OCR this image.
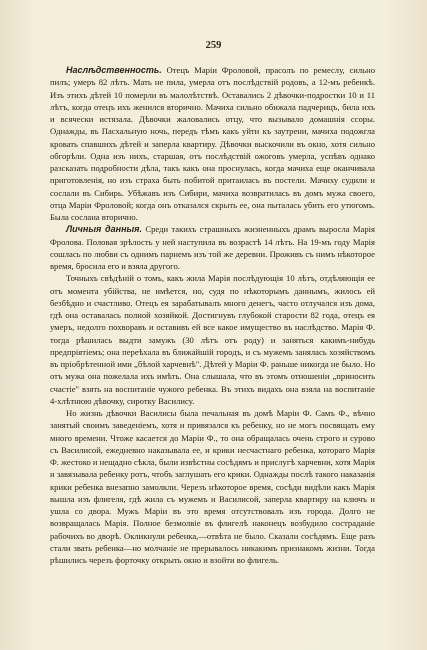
259

Наслѣдственность. Отецъ Маріи Фроловой, прасолъ по ремеслу, сильно пилъ; умеръ 82 лѣтъ. Мать не пила, умерла отъ послѣдствій родовъ, а 12-мъ ребенкѣ. Изъ этихъ дѣтей 10 померли въ малолѣтствѣ. Оставались 2 дѣвочки-подростки 10 и 11 лѣтъ, когда отецъ ихъ женился вторично. Мачиха сильно обижала падчерицъ, била ихъ и всячески истязала. Дѣвочки жаловались отцу, что вызывало домашнія ссоры. Однажды, въ Пасхальную ночь, передъ тѣмъ какъ уйти къ заутрени, мачиха подожгла кровать спавшихъ дѣтей и заперла квартиру. Дѣвочки выскочили въ окно, хотя сильно обгорѣли. Одна изъ нихъ, старшая, отъ послѣдствій ожоговъ умерла, успѣвъ однако разсказать подробности дѣла, такъ какъ она проснулась, когда мачиха еще оканчивала приготовленія, но изъ страха быть побитой притаилась въ постели. Мачиху судили и сослали въ Сибирь. Убѣжавъ изъ Сибири, мачиха возвратилась въ домъ мужа своего, отца Маріи Фроловой; когда онъ отказался скрыть ее, она пыталась убить его утюгомъ. Была сослана вторично.

Личныя данныя. Среди такихъ страшныхъ жизненныхъ драмъ выросла Марія Фролова. Половая зрѣлость у ней наступила въ возрастѣ 14 лѣтъ. На 19-мъ году Марія сошлась по любви съ однимъ парнемъ изъ той же деревни. Проживъ съ нимъ нѣкоторое время, бросила его и взяла другого.

Точныхъ свѣдѣній о томъ, какъ жила Марія послѣдующія 10 лѣтъ, отдѣляющія ее отъ момента убійства, не имѣется, но, судя по нѣкоторымъ даннымъ, жилось ей безбѣдно и счастливо. Отецъ ея зарабатывалъ много денегъ, часто отлучался изъ дома, гдѣ она оставалась полной хозяйкой. Достигнувъ глубокой старости 82 года, отецъ ея умеръ, недолго похворавъ и оставивъ ей все какое имущество въ наслѣдство. Марія Ф. тогда рѣшилась выдти замужъ (30 лѣтъ отъ роду) и заняться какимъ-нибудь предпріятіемъ; она переѣхала въ ближайшій городъ, и съ мужемъ занялась хозяйствомъ въ пріобрѣтенной ими „бѣлой харчевнѣ". Дѣтей у Маріи Ф. раньше никогда не было. Но отъ мужа она пожелала ихъ имѣть. Она слышала, что въ этомъ отношеніи „приносить счастіе" взять на воспитаніе чужого ребенка. Въ этихъ видахъ она взяла на воспитаніе 4-хлѣтнюю дѣвочку, сиротку Василису.

Но жизнь дѣвочки Василисы была печальная въ домѣ Маріи Ф. Самъ Ф., вѣчно занятый своимъ заведеніемъ, хотя и привязался къ ребенку, но не могъ посвящать ему много времени. Чтоже касается до Маріи Ф., то она обращалась очень строго и сурово съ Василисой, ежедневно наказывала ее, и крики несчастнаго ребенка, котораго Марія Ф. жестоко и нещадно сѣкла, были извѣстны сосѣдямъ и прислугѣ харчевни, хотя Марія и завязывала ребенку ротъ, чтобъ заглушать его крики. Однажды послѣ такого наказанія крики ребенка внезапно замолкли. Черезъ нѣкоторое время, сосѣди видѣли какъ Марія вышла изъ флигеля, гдѣ жила съ мужемъ и Василисой, заперла квартиру на ключъ и ушла со двора. Мужъ Маріи въ это время отсутствовалъ изъ города. Долго не возвращалась Марія. Полное безмолвіе въ флигелѣ наконецъ возбудило состраданіе рабочихъ во дворѣ. Окликнули ребенка,—отвѣта не было. Сказали сосѣдямъ. Еще разъ стали звать ребенка—но молчаніе не прерывалось никакимъ признакомъ жизни. Тогда рѣшились черезъ форточку открыть окно и взойти во флигель.
